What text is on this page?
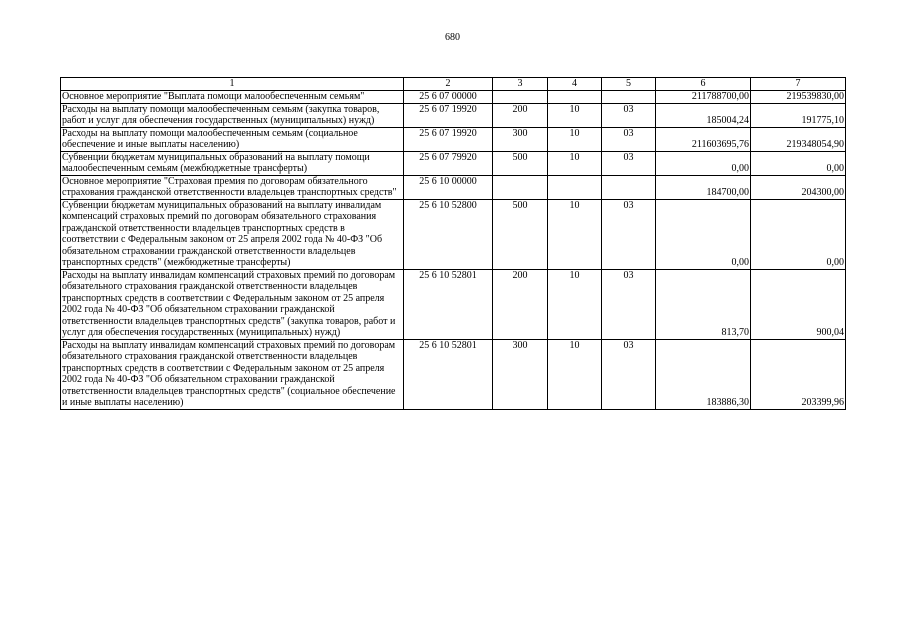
680
1	2	3	4	5	6	7
Основное мероприятие "Выплата помощи малообеспеченным семьям"	25 6 07 00000				211788700,00	219539830,00
Расходы на выплату помощи малообеспеченным семьям (закупка товаров, работ и услуг для обеспечения государственных (муниципальных) нужд)	25 6 07 19920	200	10	03	185004,24	191775,10
Расходы на выплату помощи малообеспеченным семьям (социальное обеспечение и иные выплаты населению)	25 6 07 19920	300	10	03	211603695,76	219348054,90
Субвенции бюджетам муниципальных образований на выплату помощи малообеспеченным семьям (межбюджетные трансферты)	25 6 07 79920	500	10	03	0,00	0,00
Основное мероприятие "Страховая премия по договорам обязательного страхования гражданской ответственности владельцев транспортных средств"	25 6 10 00000				184700,00	204300,00
Субвенции бюджетам муниципальных образований на выплату инвалидам компенсаций страховых премий по договорам обязательного страхования гражданской ответственности владельцев транспортных средств в соответствии с Федеральным законом от 25 апреля 2002 года № 40-ФЗ "Об обязательном страховании гражданской ответственности владельцев транспортных средств" (межбюджетные трансферты)	25 6 10 52800	500	10	03	0,00	0,00
Расходы на выплату инвалидам компенсаций страховых премий по договорам обязательного страхования гражданской ответственности владельцев транспортных средств в соответствии с Федеральным законом от 25 апреля 2002 года № 40-ФЗ "Об обязательном страховании гражданской ответственности владельцев транспортных средств" (закупка товаров, работ и услуг для обеспечения государственных (муниципальных) нужд)	25 6 10 52801	200	10	03	813,70	900,04
Расходы на выплату инвалидам компенсаций страховых премий по договорам обязательного страхования гражданской ответственности владельцев транспортных средств в соответствии с Федеральным законом от 25 апреля 2002 года № 40-ФЗ "Об обязательном страховании гражданской ответственности владельцев транспортных средств" (социальное обеспечение и иные выплаты населению)	25 6 10 52801	300	10	03	183886,30	203399,96
